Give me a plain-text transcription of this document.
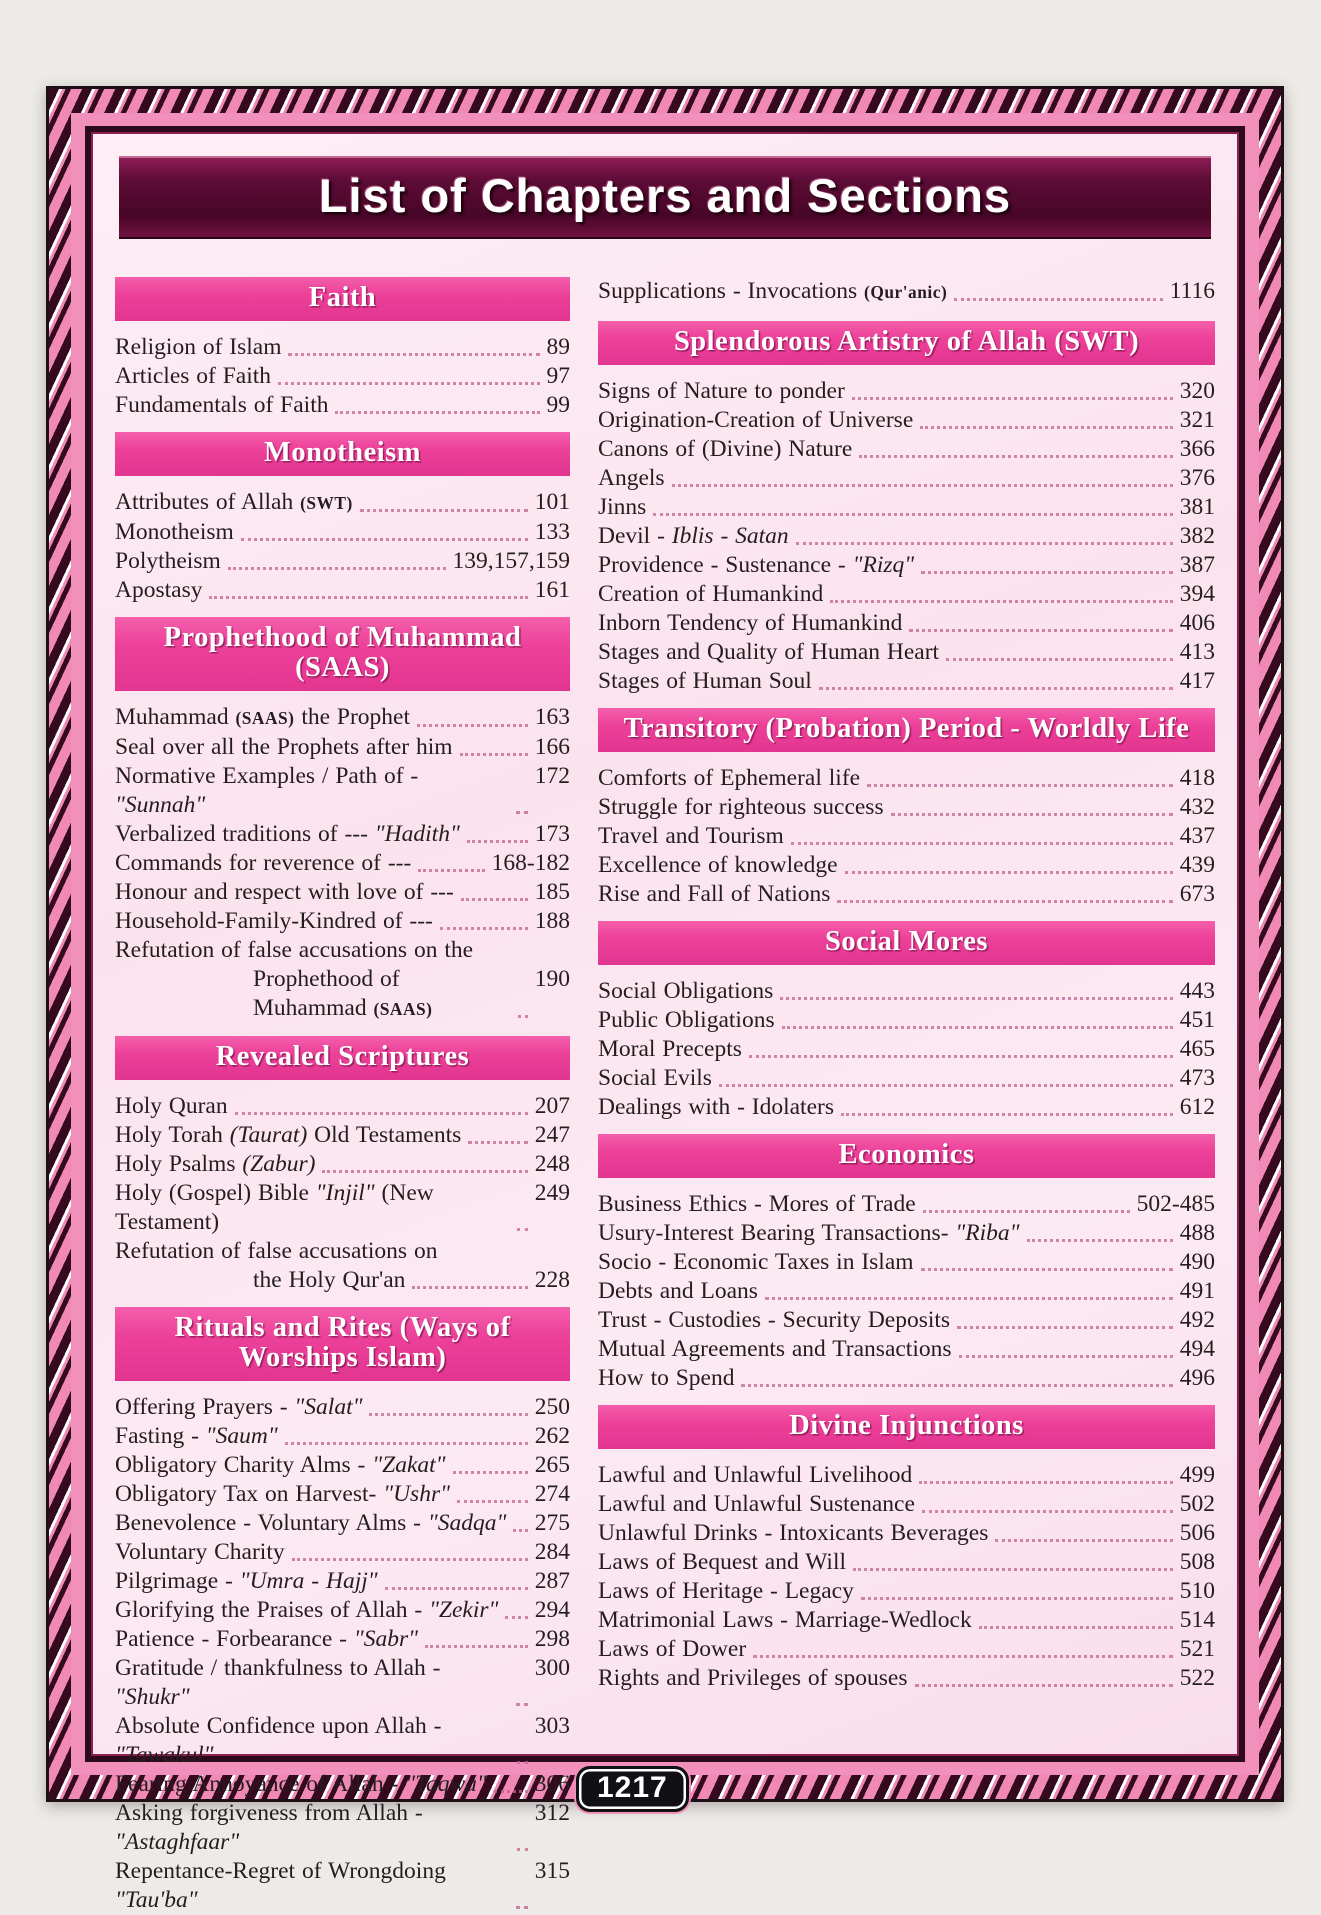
List of Chapters and Sections
Faith
Religion of Islam	89
Articles of Faith	97
Fundamentals of Faith	99
Monotheism
Attributes of Allah (SWT)	101
Monotheism	133
Polytheism	139,157,159
Apostasy	161
Prophethood of Muhammad (SAAS)
Muhammad (SAAS) the Prophet	163
Seal over all the Prophets after him	166
Normative Examples / Path of - "Sunnah"
172
Verbalized traditions of --- "Hadith"	173
Commands for reverence of ---	168-182
Honour and respect with love of ---	185
Household-Family-Kindred of ---	188
Refutation of false accusations on the
Prophethood of Muhammad (SAAS)
190
Revealed Scriptures
Holy Quran	207
Holy Torah (Taurat) Old Testaments	247
Holy Psalms (Zabur)	248
Holy (Gospel) Bible "Injil" (New Testament)
249
Refutation of false accusations on
the Holy Qur'an	228
Rituals and Rites (Ways of Worships Islam)
Offering Prayers - "Salat"	250
Fasting - "Saum"	262
Obligatory Charity Alms - "Zakat"	265
Obligatory Tax on Harvest- "Ushr"	274
Benevolence - Voluntary Alms - "Sadqa" 275
Voluntary Charity	284
Pilgrimage - "Umra - Hajj"	287
Glorifying the Praises of Allah - "Zekir" 294
Patience - Forbearance - "Sabr"	298
Gratitude / thankfulness to Allah - "Shukr"
300
Absolute Confidence upon Allah - "Tawakul"
303
Fearing Annoyance of Allah - "Taqwa" 306
Asking forgiveness from Allah - "Astaghfaar"
312
Repentance-Regret of Wrongdoing "Tau'ba"
315
Supplications - Invocations (Qur'anic)	1116
Splendorous Artistry of Allah (SWT)
Signs of Nature to ponder	320
Origination-Creation of Universe	321
Canons of (Divine) Nature	366
Angels	376
Jinns	381
Devil - Iblis - Satan	382
Providence - Sustenance - "Rizq"	387
Creation of Humankind	394
Inborn Tendency of Humankind	406
Stages and Quality of Human Heart	413
Stages of Human Soul	417
Transitory (Probation) Period - Worldly Life
Comforts of Ephemeral life	418
Struggle for righteous success	432
Travel and Tourism	437
Excellence of knowledge	439
Rise and Fall of Nations	673
Social Mores
Social Obligations	443
Public Obligations	451
Moral Precepts	465
Social Evils	473
Dealings with - Idolaters	612
Economics
Business Ethics - Mores of Trade	502-485
Usury-Interest Bearing Transactions- "Riba"	488
Socio - Economic Taxes in Islam	490
Debts and Loans	491
Trust - Custodies - Security Deposits	492
Mutual Agreements and Transactions	494
How to Spend	496
Divine Injunctions
Lawful and Unlawful Livelihood	499
Lawful and Unlawful Sustenance	502
Unlawful Drinks - Intoxicants Beverages	506
Laws of Bequest and Will	508
Laws of Heritage - Legacy	510
Matrimonial Laws - Marriage-Wedlock	514
Laws of Dower	521
Rights and Privileges of spouses	522
1217
